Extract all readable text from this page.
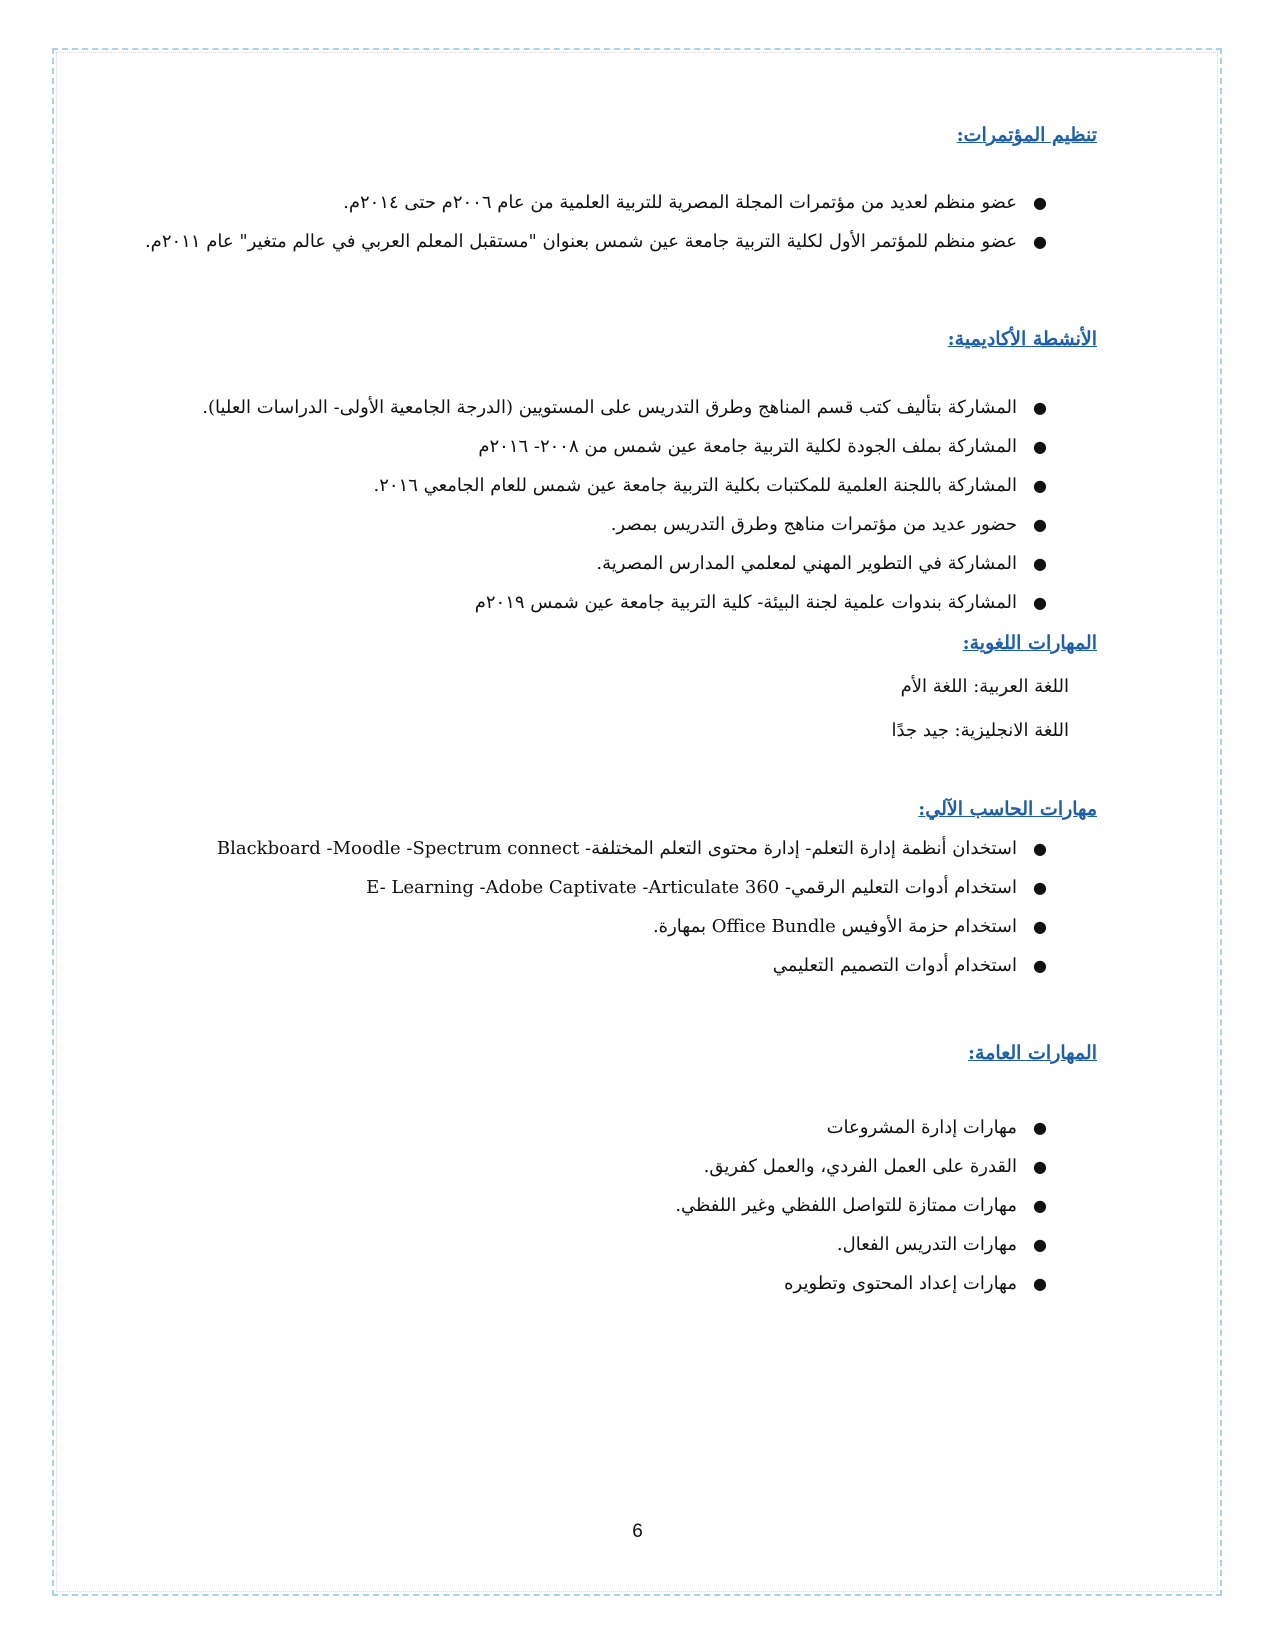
تنظيم المؤتمرات:
●
عضو منظم لعديد من مؤتمرات المجلة المصرية للتربية العلمية من عام ٢٠٠٦م حتى ٢٠١٤م.
●
عضو منظم للمؤتمر الأول لكلية التربية جامعة عين شمس بعنوان "مستقبل المعلم العربي في عالم متغير" عام ٢٠١١م.
الأنشطة الأكاديمية:
●
المشاركة بتأليف كتب قسم المناهج وطرق التدريس على المستويين (الدرجة الجامعية الأولى- الدراسات العليا).
●
المشاركة بملف الجودة لكلية التربية جامعة عين شمس من ٢٠٠٨- ٢٠١٦م
●
المشاركة باللجنة العلمية للمكتبات بكلية التربية جامعة عين شمس للعام الجامعي ٢٠١٦.
●
حضور عديد من مؤتمرات مناهج وطرق التدريس بمصر.
●
المشاركة في التطوير المهني لمعلمي المدارس المصرية.
●
المشاركة بندوات علمية لجنة البيئة- كلية التربية جامعة عين شمس ٢٠١٩م
المهارات اللغوية:
اللغة العربية: اللغة الأم
اللغة الانجليزية: جيد جدًا
مهارات الحاسب الآلي:
●
استخدان أنظمة إدارة التعلم- إدارة محتوى التعلم المختلفة- Blackboard -Moodle -Spectrum connect
●
استخدام أدوات التعليم الرقمي- E- Learning -Adobe Captivate -Articulate 360
●
استخدام حزمة الأوفيس Office Bundle بمهارة.
●
استخدام أدوات التصميم التعليمي
المهارات العامة:
●
مهارات إدارة المشروعات
●
القدرة على العمل الفردي، والعمل كفريق.
●
مهارات ممتازة للتواصل اللفظي وغير اللفظي.
●
مهارات التدريس الفعال.
●
مهارات إعداد المحتوى وتطويره
6
